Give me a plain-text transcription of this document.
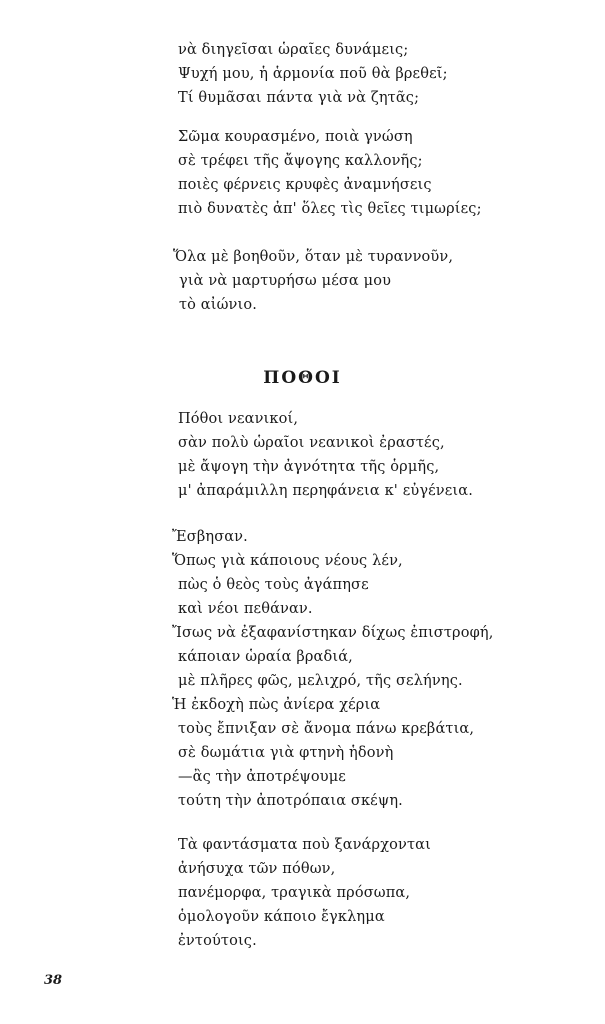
νὰ διηγεῖσαι ὡραῖες δυνάμεις;
Ψυχή μου, ἡ ἁρμονία ποῦ θὰ βρεθεῖ;
Τί θυμᾶσαι πάντα γιὰ νὰ ζητᾶς;
Σῶμα κουρασμένο, ποιὰ γνώση
σὲ τρέφει τῆς ἄψογης καλλονῆς;
ποιὲς φέρνεις κρυφὲς ἀναμνήσεις
πιὸ δυνατὲς ἀπ' ὅλες τὶς θεῖες τιμωρίες;
Ὅλα μὲ βοηθοῦν, ὅταν μὲ τυραννοῦν,
γιὰ νὰ μαρτυρήσω μέσα μου
τὸ αἰώνιο.
ΠΟΘΟΙ
Πόθοι νεανικοί,
σὰν πολὺ ὡραῖοι νεανικοὶ ἐραστές,
μὲ ἄψογη τὴν ἀγνότητα τῆς ὁρμῆς,
μ' ἀπαράμιλλη περηφάνεια κ' εὐγένεια.
Ἔσβησαν.
Ὅπως γιὰ κάποιους νέους λέν,
πὼς ὁ θεὸς τοὺς ἀγάπησε
καὶ νέοι πεθάναν.
Ἴσως νὰ ἐξαφανίστηκαν δίχως ἐπιστροφή,
κάποιαν ὡραία βραδιά,
μὲ πλῆρες φῶς, μελιχρό, τῆς σελήνης.
Ἡ ἐκδοχὴ πὼς ἀνίερα χέρια
τοὺς ἔπνιξαν σὲ ἄνομα πάνω κρεβάτια,
σὲ δωμάτια γιὰ φτηνὴ ἡδονὴ
—ἂς τὴν ἀποτρέψουμε
τούτη τὴν ἀποτρόπαια σκέψη.
Τὰ φαντάσματα ποὺ ξανάρχονται
ἀνήσυχα τῶν πόθων,
πανέμορφα, τραγικὰ πρόσωπα,
ὁμολογοῦν κάποιο ἔγκλημα
ἐντούτοις.

38
